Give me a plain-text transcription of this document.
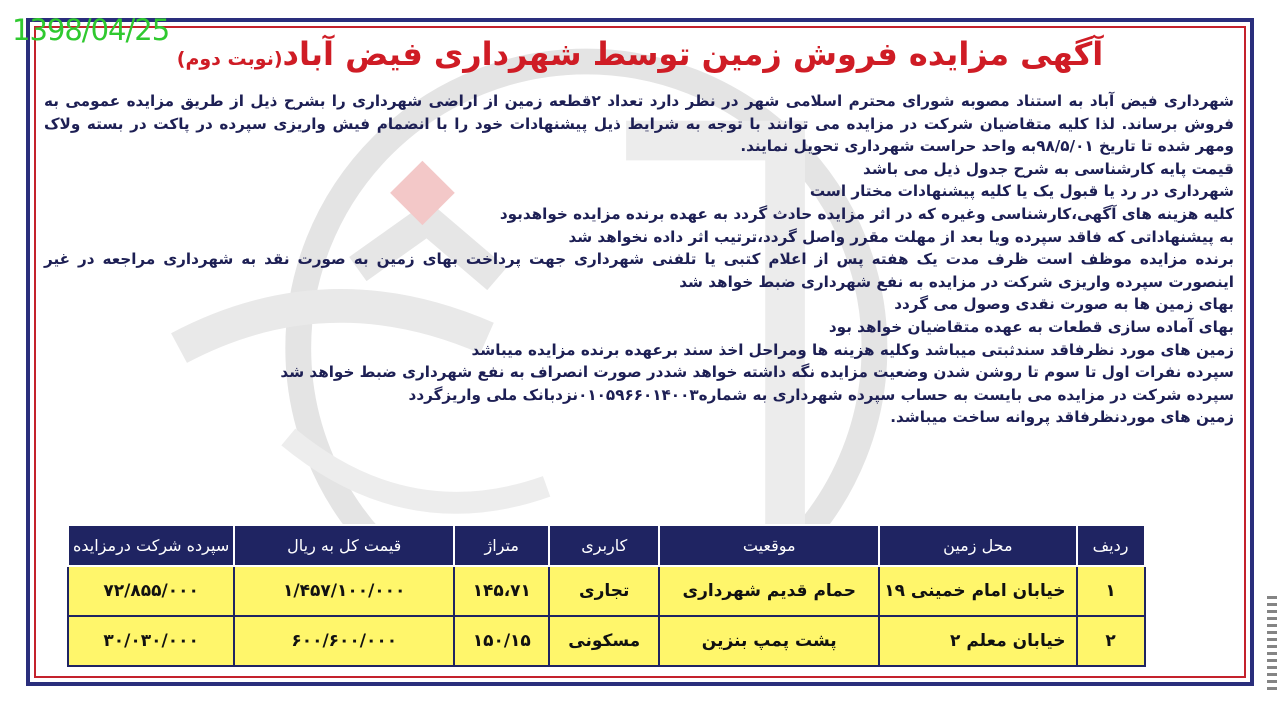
1398/04/25
آگهی مزایده فروش زمین توسط شهرداری فیض آباد(نوبت دوم)
شهرداری فیض آباد به استناد مصوبه شورای محترم اسلامی شهر در نظر دارد تعداد ۲قطعه زمین از اراضی شهرداری را بشرح ذیل از طریق مزایده عمومی به فروش برساند. لذا کلیه متقاضیان شرکت در مزایده می توانند با توجه به شرایط ذیل پیشنهادات خود را با انضمام فیش واریزی سپرده در پاکت در بسته ولاک ومهر شده تا تاریخ ۹۸/۵/۰۱به واحد حراست شهرداری تحویل نمایند.
قیمت پایه کارشناسی به شرح جدول ذیل می باشد
شهرداری در رد یا قبول یک یا کلیه پیشنهادات مختار است
کلیه هزینه های آگهی،کارشناسی وغیره که در اثر مزایده حادث گردد به عهده برنده مزایده خواهدبود
به پیشنهاداتی که فاقد سپرده ویا بعد از مهلت مقرر واصل گردد،ترتیب اثر داده نخواهد شد
برنده مزایده موظف است ظرف مدت یک هفته پس از اعلام کتبی یا تلفنی شهرداری جهت پرداخت بهای زمین به صورت نقد به شهرداری مراجعه در غیر اینصورت سپرده واریزی شرکت در مزایده به نفع شهرداری ضبط خواهد شد
بهای زمین ها به صورت نقدی وصول می گردد
بهای آماده سازی قطعات به عهده متقاضیان خواهد بود
زمین های مورد نظرفاقد سندثبتی میباشد وکلیه هزینه ها ومراحل اخذ سند برعهده برنده مزایده میباشد
سپرده نفرات اول تا سوم تا روشن شدن وضعیت مزایده نگه داشته خواهد شددر صورت انصراف به نفع شهرداری ضبط خواهد شد
سپرده شرکت در مزایده می بایست به حساب سپرده شهرداری به شماره۰۱۰۵۹۶۶۰۱۴۰۰۳نزدبانک ملی واریزگردد
زمین های موردنظرفاقد پروانه ساخت میباشد.
ردیف	محل زمین	موقعیت	کاربری	متراژ	قیمت کل به ریال	سپرده شرکت درمزایده
۱	خیابان امام خمینی ۱۹	حمام قدیم شهرداری	تجاری	۱۴۵،۷۱	۱/۴۵۷/۱۰۰/۰۰۰	۷۲/۸۵۵/۰۰۰
۲	خیابان معلم ۲	پشت پمپ بنزین	مسکونی	۱۵۰/۱۵	۶۰۰/۶۰۰/۰۰۰	۳۰/۰۳۰/۰۰۰
